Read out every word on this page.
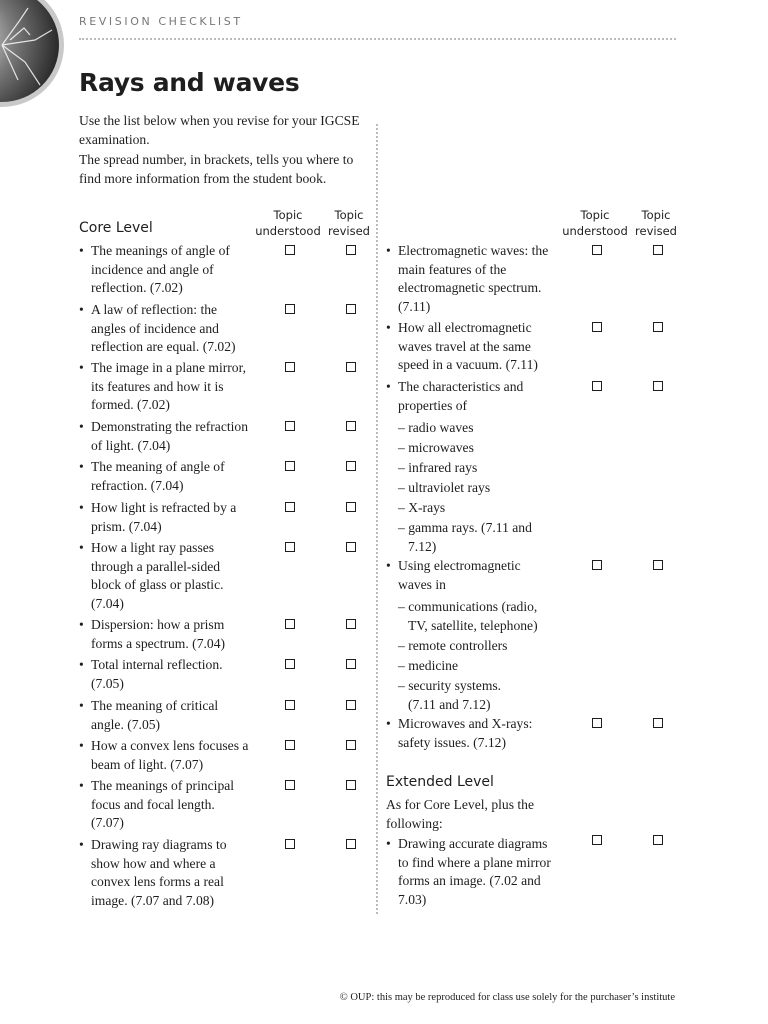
REVISION CHECKLIST
Rays and waves

Use the list below when you revise for your IGCSE examination.

The spread number, in brackets, tells you where to find more information from the student book.

Topic understood
Topic revised
Topic understood
Topic revised
Core Level
• The meanings of angle of incidence and angle of reflection. (7.02)
• A law of reflection: the angles of incidence and reflection are equal. (7.02)
• The image in a plane mirror, its features and how it is formed. (7.02)
• Demonstrating the refraction of light. (7.04)
• The meaning of angle of refraction. (7.04)
• How light is refracted by a prism. (7.04)
• How a light ray passes through a parallel-sided block of glass or plastic. (7.04)
• Dispersion: how a prism forms a spectrum. (7.04)
• Total internal reflection. (7.05)
• The meaning of critical angle. (7.05)
• How a convex lens focuses a beam of light. (7.07)
• The meanings of principal focus and focal length. (7.07)
• Drawing ray diagrams to show how and where a convex lens forms a real image. (7.07 and 7.08)
• Electromagnetic waves: the main features of the electromagnetic spectrum. (7.11)
• How all electromagnetic waves travel at the same speed in a vacuum. (7.11)
• The characteristics and properties of
– radio waves
– microwaves
– infrared rays
– ultraviolet rays
– X-rays
– gamma rays. (7.11 and 7.12)
• Using electromagnetic waves in
– communications (radio, TV, satellite, telephone)
– remote controllers
– medicine
– security systems. (7.11 and 7.12)
• Microwaves and X-rays: safety issues. (7.12)
Extended Level
As for Core Level, plus the following:
• Drawing accurate diagrams to find where a plane mirror forms an image. (7.02 and 7.03)
© OUP: this may be reproduced for class use solely for the purchaser’s institute
